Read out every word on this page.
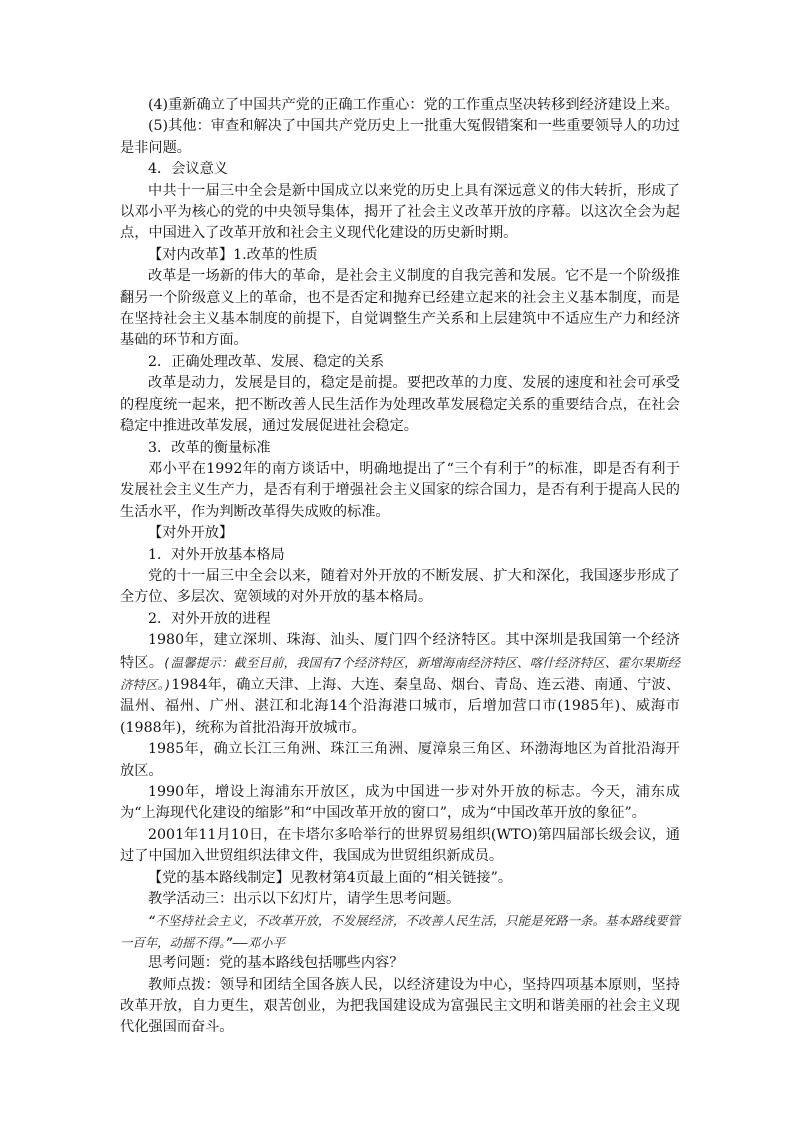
(4)重新确立了中国共产党的正确工作重心：党的工作重点坚决转移到经济建设上来。

(5)其他：审查和解决了中国共产党历史上一批重大冤假错案和一些重要领导人的功过是非问题。

4．会议意义

中共十一届三中全会是新中国成立以来党的历史上具有深远意义的伟大转折，形成了以邓小平为核心的党的中央领导集体，揭开了社会主义改革开放的序幕。以这次全会为起点，中国进入了改革开放和社会主义现代化建设的历史新时期。

【对内改革】1.改革的性质

改革是一场新的伟大的革命，是社会主义制度的自我完善和发展。它不是一个阶级推翻另一个阶级意义上的革命，也不是否定和抛弃已经建立起来的社会主义基本制度，而是在坚持社会主义基本制度的前提下，自觉调整生产关系和上层建筑中不适应生产力和经济基础的环节和方面。

2．正确处理改革、发展、稳定的关系

改革是动力，发展是目的，稳定是前提。要把改革的力度、发展的速度和社会可承受的程度统一起来，把不断改善人民生活作为处理改革发展稳定关系的重要结合点，在社会稳定中推进改革发展，通过发展促进社会稳定。

3．改革的衡量标准

邓小平在1992年的南方谈话中，明确地提出了“三个有利于”的标准，即是否有利于发展社会主义生产力，是否有利于增强社会主义国家的综合国力，是否有利于提高人民的生活水平，作为判断改革得失成败的标准。

【对外开放】

1．对外开放基本格局

党的十一届三中全会以来，随着对外开放的不断发展、扩大和深化，我国逐步形成了全方位、多层次、宽领域的对外开放的基本格局。

2．对外开放的进程

1980年，建立深圳、珠海、汕头、厦门四个经济特区。其中深圳是我国第一个经济特区。(温馨提示：截至目前，我国有7个经济特区，新增海南经济特区、喀什经济特区、霍尔果斯经济特区。)1984年，确立天津、上海、大连、秦皇岛、烟台、青岛、连云港、南通、宁波、温州、福州、广州、湛江和北海14个沿海港口城市，后增加营口市(1985年)、威海市(1988年)，统称为首批沿海开放城市。

1985年，确立长江三角洲、珠江三角洲、厦漳泉三角区、环渤海地区为首批沿海开放区。

1990年，增设上海浦东开放区，成为中国进一步对外开放的标志。今天，浦东成为“上海现代化建设的缩影”和“中国改革开放的窗口”，成为“中国改革开放的象征”。

2001年11月10日，在卡塔尔多哈举行的世界贸易组织(WTO)第四届部长级会议，通过了中国加入世贸组织法律文件，我国成为世贸组织新成员。

【党的基本路线制定】见教材第4页最上面的“相关链接”。

教学活动三：出示以下幻灯片，请学生思考问题。

“不坚持社会主义，不改革开放，不发展经济，不改善人民生活，只能是死路一条。基本路线要管一百年，动摇不得。”——邓小平

思考问题：党的基本路线包括哪些内容？

教师点拨：领导和团结全国各族人民，以经济建设为中心，坚持四项基本原则，坚持改革开放，自力更生，艰苦创业，为把我国建设成为富强民主文明和谐美丽的社会主义现代化强国而奋斗。
